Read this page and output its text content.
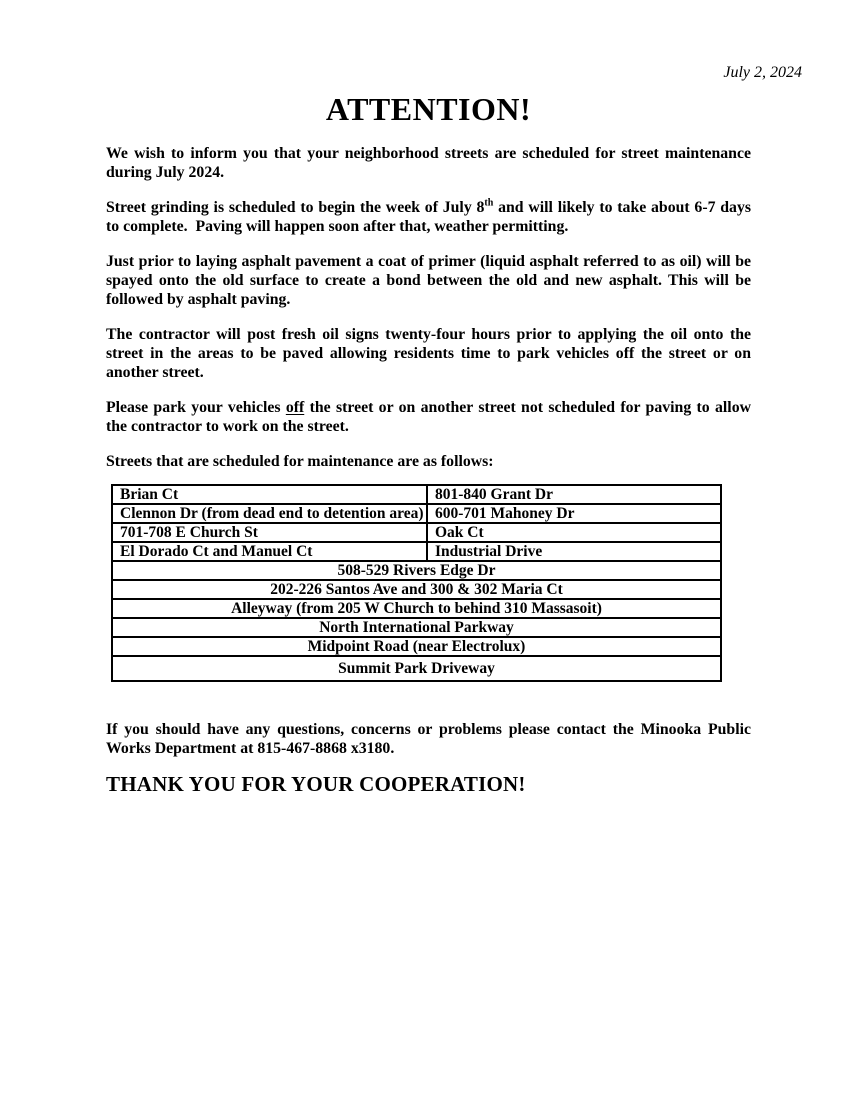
July 2, 2024
ATTENTION!

We wish to inform you that your neighborhood streets are scheduled for street maintenance during July 2024.

Street grinding is scheduled to begin the week of July 8th and will likely to take about 6-7 days to complete.  Paving will happen soon after that, weather permitting.

Just prior to laying asphalt pavement a coat of primer (liquid asphalt referred to as oil) will be spayed onto the old surface to create a bond between the old and new asphalt. This will be followed by asphalt paving.

The contractor will post fresh oil signs twenty-four hours prior to applying the oil onto the street in the areas to be paved allowing residents time to park vehicles off the street or on another street.

Please park your vehicles off the street or on another street not scheduled for paving to allow the contractor to work on the street.

Streets that are scheduled for maintenance are as follows:

Brian Ct	801-840 Grant Dr
Clennon Dr (from dead end to detention area)	600-701 Mahoney Dr
701-708 E Church St	Oak Ct
El Dorado Ct and Manuel Ct	Industrial Drive
508-529 Rivers Edge Dr	
202-226 Santos Ave and 300 & 302 Maria Ct	
Alleyway (from 205 W Church to behind 310 Massasoit)	
North International Parkway	
Midpoint Road (near Electrolux)	
Summit Park Driveway	

If you should have any questions, concerns or problems please contact the Minooka Public Works Department at 815-467-8868 x3180.

THANK YOU FOR YOUR COOPERATION!
